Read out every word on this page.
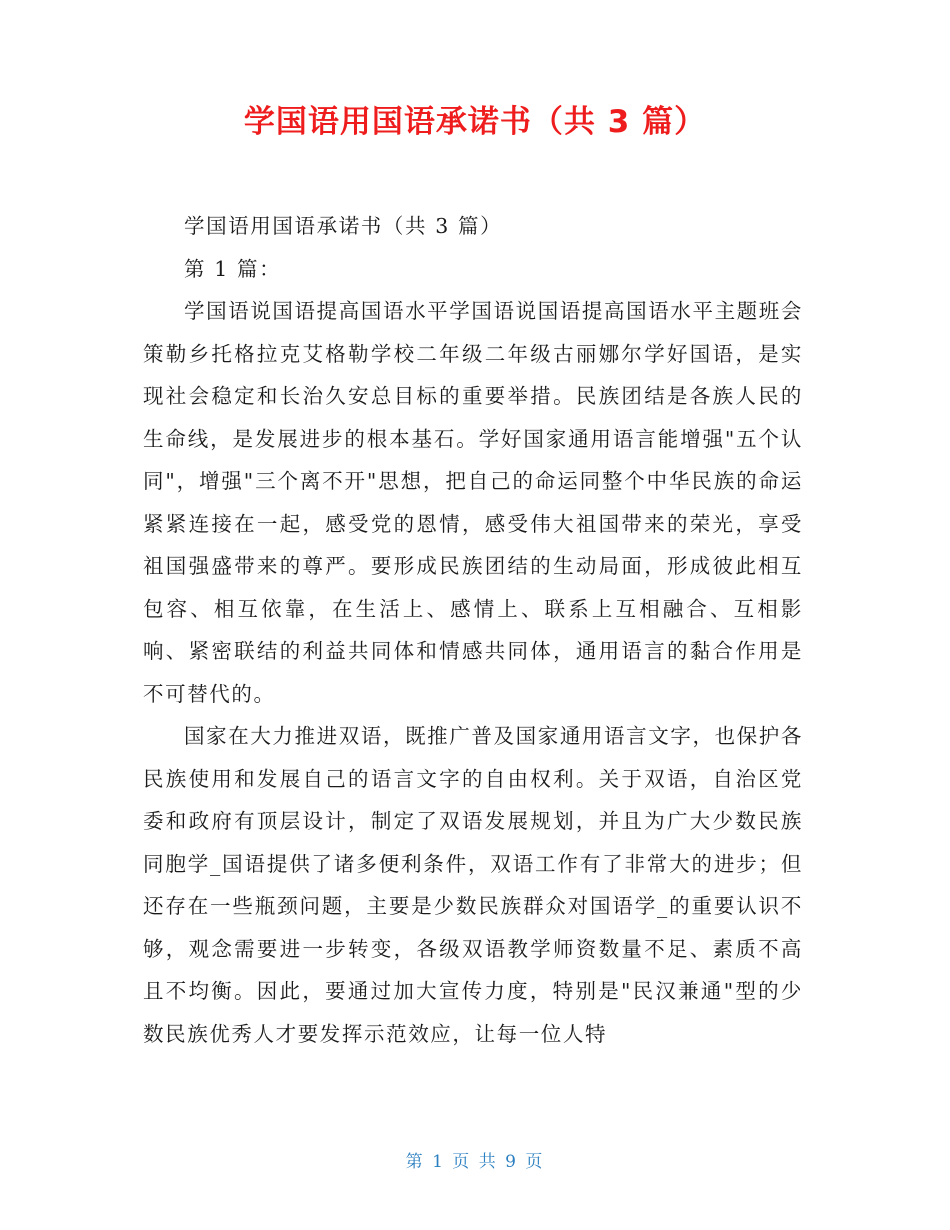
学国语用国语承诺书（共 3 篇）

学国语用国语承诺书（共 3 篇）

第 1 篇：

学国语说国语提高国语水平学国语说国语提高国语水平主题班会策勒乡托格拉克艾格勒学校二年级二年级古丽娜尔学好国语，是实现社会稳定和长治久安总目标的重要举措。民族团结是各族人民的生命线，是发展进步的根本基石。学好国家通用语言能增强"五个认同"，增强"三个离不开"思想，把自己的命运同整个中华民族的命运紧紧连接在一起，感受党的恩情，感受伟大祖国带来的荣光，享受祖国强盛带来的尊严。要形成民族团结的生动局面，形成彼此相互包容、相互依靠，在生活上、感情上、联系上互相融合、互相影响、紧密联结的利益共同体和情感共同体，通用语言的黏合作用是不可替代的。

国家在大力推进双语，既推广普及国家通用语言文字，也保护各民族使用和发展自己的语言文字的自由权利。关于双语，自治区党委和政府有顶层设计，制定了双语发展规划，并且为广大少数民族同胞学_国语提供了诸多便利条件，双语工作有了非常大的进步；但还存在一些瓶颈问题，主要是少数民族群众对国语学_的重要认识不够，观念需要进一步转变，各级双语教学师资数量不足、素质不高且不均衡。因此，要通过加大宣传力度，特别是"民汉兼通"型的少数民族优秀人才要发挥示范效应，让每一位人特

第 1 页 共 9 页
